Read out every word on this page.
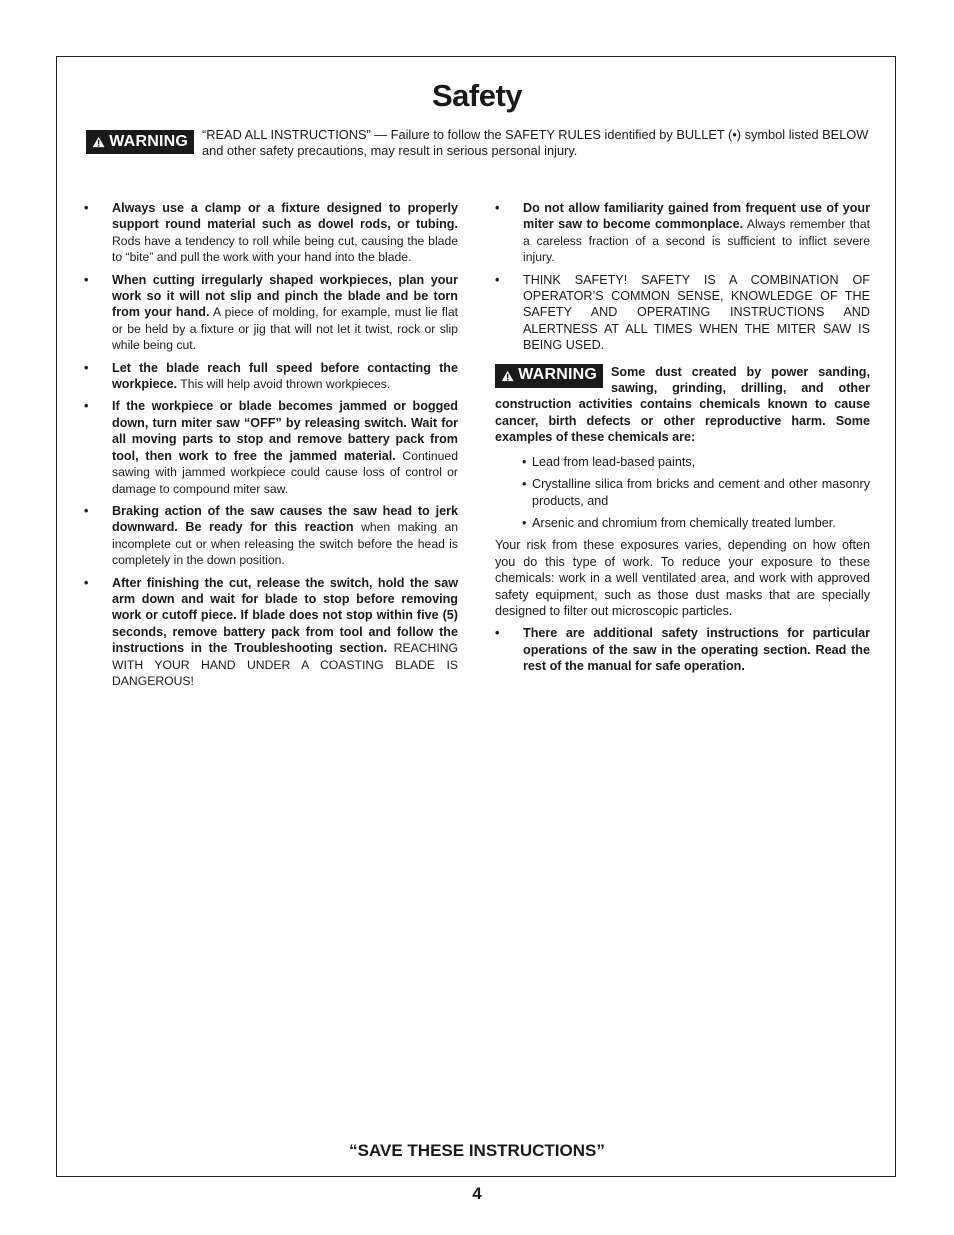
Safety
WARNING “READ ALL INSTRUCTIONS” — Failure to follow the SAFETY RULES identified by BULLET (•) symbol listed BELOW and other safety precautions, may result in serious personal injury.

• Always use a clamp or a fixture designed to properly support round material such as dowel rods, or tubing. Rods have a tendency to roll while being cut, causing the blade to “bite” and pull the work with your hand into the blade.
• When cutting irregularly shaped workpieces, plan your work so it will not slip and pinch the blade and be torn from your hand. A piece of molding, for example, must lie flat or be held by a fixture or jig that will not let it twist, rock or slip while being cut.
• Let the blade reach full speed before contacting the workpiece. This will help avoid thrown workpieces.
• If the workpiece or blade becomes jammed or bogged down, turn miter saw “OFF” by releasing switch. Wait for all moving parts to stop and remove battery pack from tool, then work to free the jammed material. Continued sawing with jammed workpiece could cause loss of control or damage to compound miter saw.
• Braking action of the saw causes the saw head to jerk downward. Be ready for this reaction when making an incomplete cut or when releasing the switch before the head is completely in the down position.
• After finishing the cut, release the switch, hold the saw arm down and wait for blade to stop before removing work or cutoff piece. If blade does not stop within five (5) seconds, remove battery pack from tool and follow the instructions in the Troubleshooting section. REACHING WITH YOUR HAND UNDER A COASTING BLADE IS DANGEROUS!
• Do not allow familiarity gained from frequent use of your miter saw to become commonplace. Always remember that a careless fraction of a second is sufficient to inflict severe injury.
• THINK SAFETY! SAFETY IS A COMBINATION OF OPERATOR’S COMMON SENSE, KNOWLEDGE OF THE SAFETY AND OPERATING INSTRUCTIONS AND ALERTNESS AT ALL TIMES WHEN THE MITER SAW IS BEING USED.
WARNING Some dust created by power sanding, sawing, grinding, drilling, and other construction activities contains chemicals known to cause cancer, birth defects or other reproductive harm. Some examples of these chemicals are:
• Lead from lead-based paints,
• Crystalline silica from bricks and cement and other masonry products, and
• Arsenic and chromium from chemically treated lumber.

Your risk from these exposures varies, depending on how often you do this type of work. To reduce your exposure to these chemicals: work in a well ventilated area, and work with approved safety equipment, such as those dust masks that are specially designed to filter out microscopic particles.

• There are additional safety instructions for particular operations of the saw in the operating section. Read the rest of the manual for safe operation.

“SAVE THESE INSTRUCTIONS”

4
